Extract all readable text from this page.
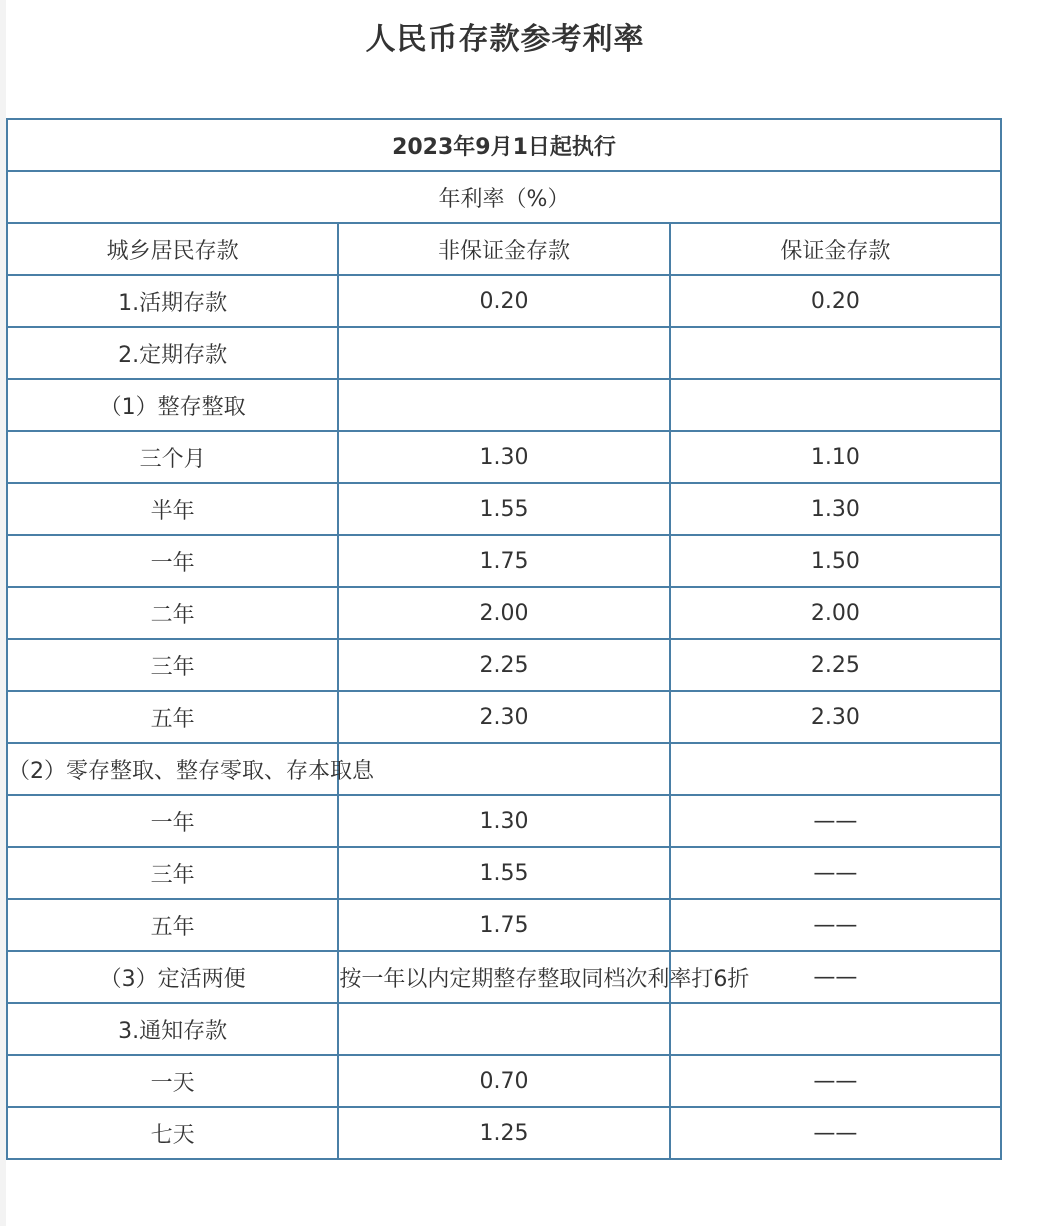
人民币存款参考利率
2023年9月1日起执行		
年利率（%）		
城乡居民存款	非保证金存款	保证金存款
1.活期存款	0.20	0.20
2.定期存款		
（1）整存整取		
三个月	1.30	1.10
半年	1.55	1.30
一年	1.75	1.50
二年	2.00	2.00
三年	2.25	2.25
五年	2.30	2.30
（2）零存整取、整存零取、存本取息		
一年	1.30	——
三年	1.55	——
五年	1.75	——
（3）定活两便	按一年以内定期整存整取同档次利率打6折	——
3.通知存款		
一天	0.70	——
七天	1.25	——
